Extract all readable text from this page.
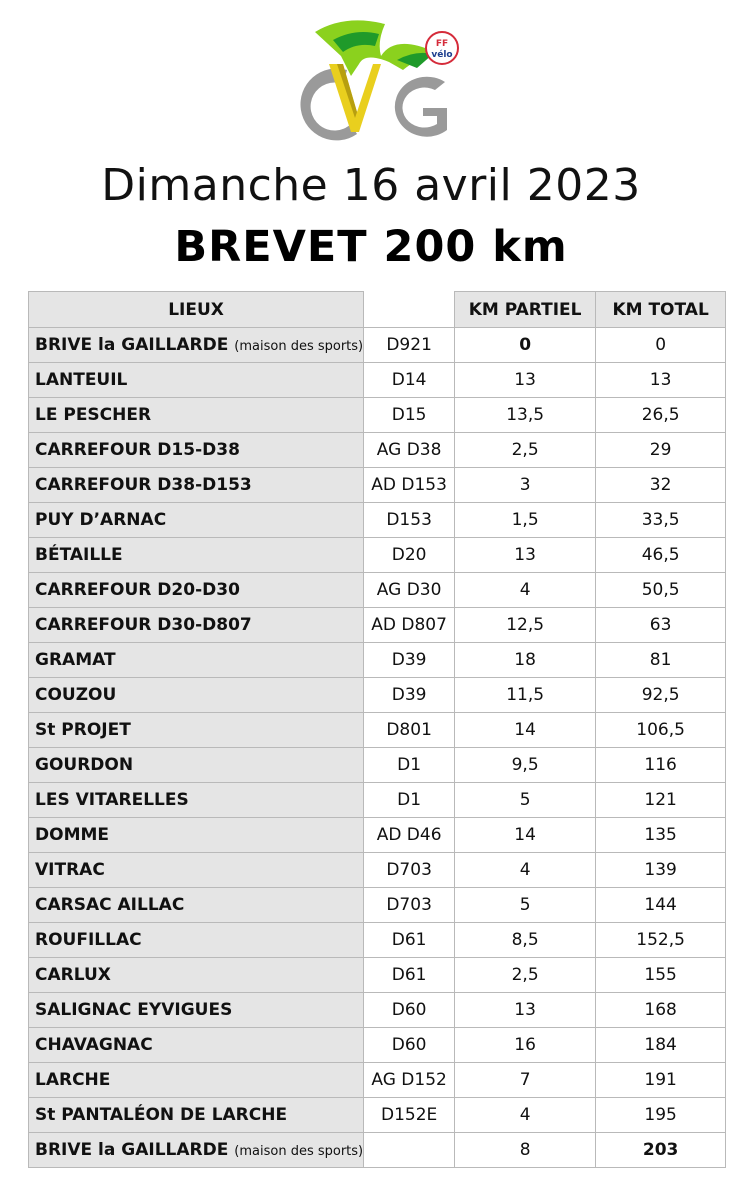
FF
vélo
Dimanche 16 avril 2023
BREVET 200 km
LIEUX		KM PARTIEL	KM TOTAL
BRIVE la GAILLARDE (maison des sports)	D921	0	0
LANTEUIL	D14	13	13
LE PESCHER	D15	13,5	26,5
CARREFOUR D15-D38	AG D38	2,5	29
CARREFOUR D38-D153	AD D153	3	32
PUY D’ARNAC	D153	1,5	33,5
BÉTAILLE	D20	13	46,5
CARREFOUR D20-D30	AG D30	4	50,5
CARREFOUR D30-D807	AD D807	12,5	63
GRAMAT	D39	18	81
COUZOU	D39	11,5	92,5
St PROJET	D801	14	106,5
GOURDON	D1	9,5	116
LES VITARELLES	D1	5	121
DOMME	AD D46	14	135
VITRAC	D703	4	139
CARSAC AILLAC	D703	5	144
ROUFILLAC	D61	8,5	152,5
CARLUX	D61	2,5	155
SALIGNAC EYVIGUES	D60	13	168
CHAVAGNAC	D60	16	184
LARCHE	AG D152	7	191
St PANTALÉON DE LARCHE	D152E	4	195
BRIVE la GAILLARDE (maison des sports)		8	203
